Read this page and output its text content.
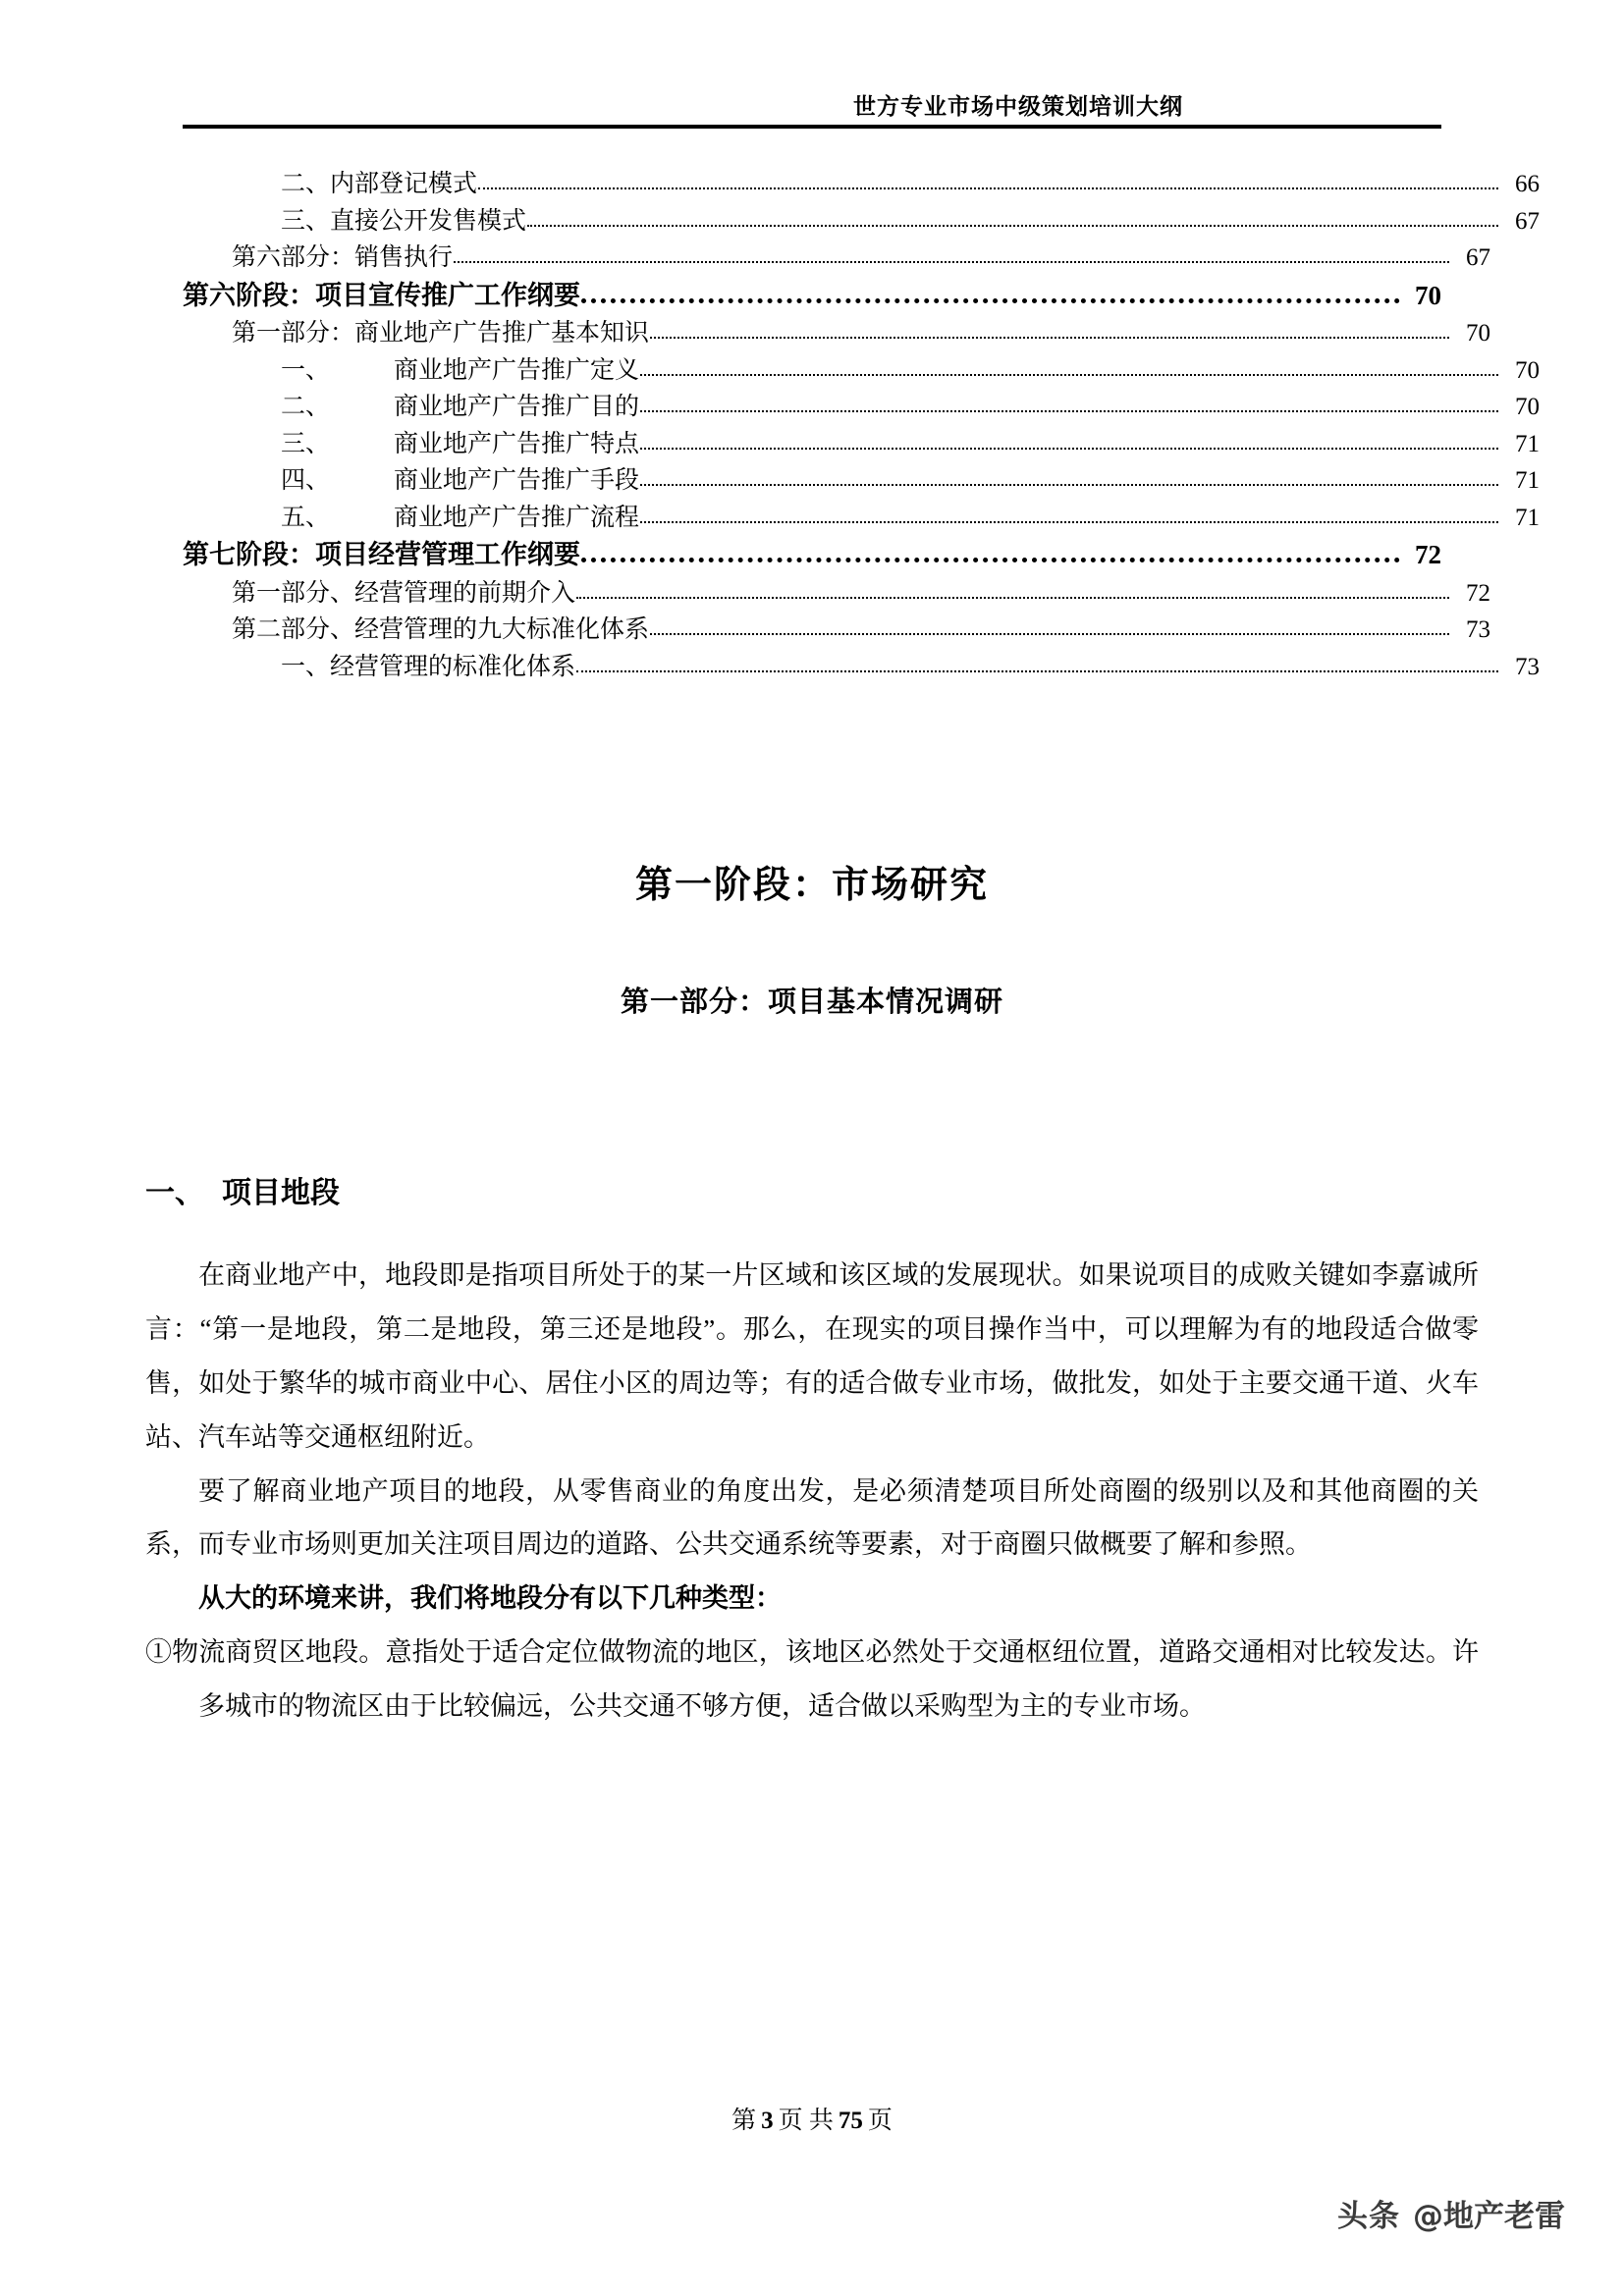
世方专业市场中级策划培训大纲
二、内部登记模式	66
三、直接公开发售模式	67
第六部分：销售执行	67
第六阶段：项目宣传推广工作纲要	70
第一部分：商业地产广告推广基本知识	70
一、	商业地产广告推广定义	70
二、	商业地产广告推广目的	70
三、	商业地产广告推广特点	71
四、	商业地产广告推广手段	71
五、	商业地产广告推广流程	71
第七阶段：项目经营管理工作纲要	72
第一部分、经营管理的前期介入	72
第二部分、经营管理的九大标准化体系	73
一、经营管理的标准化体系	73
第一阶段：市场研究
第一部分：项目基本情况调研
一、 项目地段

在商业地产中，地段即是指项目所处于的某一片区域和该区域的发展现状。如果说项目的成败关键如李嘉诚所言：“第一是地段，第二是地段，第三还是地段”。那么，在现实的项目操作当中，可以理解为有的地段适合做零售，如处于繁华的城市商业中心、居住小区的周边等；有的适合做专业市场，做批发，如处于主要交通干道、火车站、汽车站等交通枢纽附近。

要了解商业地产项目的地段，从零售商业的角度出发，是必须清楚项目所处商圈的级别以及和其他商圈的关系，而专业市场则更加关注项目周边的道路、公共交通系统等要素，对于商圈只做概要了解和参照。

从大的环境来讲，我们将地段分有以下几种类型：

①物流商贸区地段。意指处于适合定位做物流的地区，该地区必然处于交通枢纽位置，道路交通相对比较发达。许多城市的物流区由于比较偏远，公共交通不够方便，适合做以采购型为主的专业市场。
第 3 页 共 75 页
头条 @地产老雷
